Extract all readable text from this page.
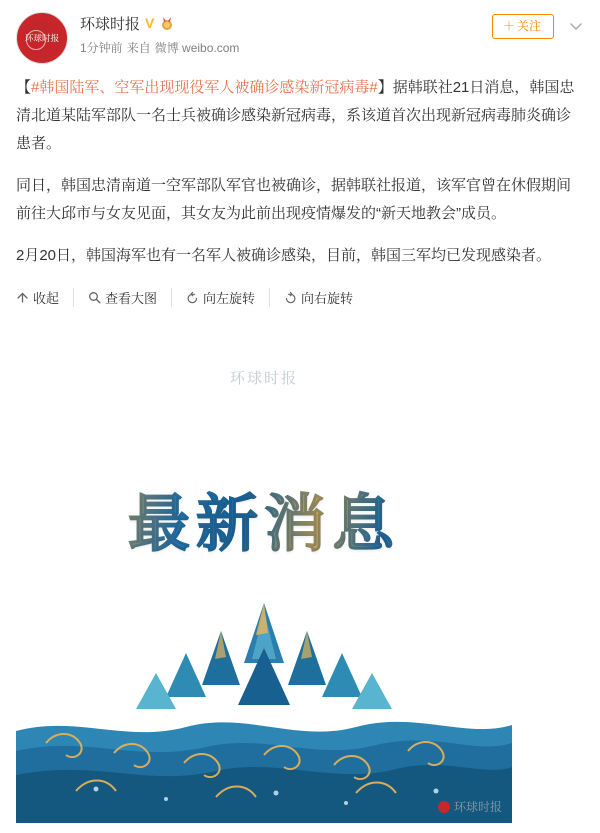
环球时报
环球时报 V
1分钟前 来自 微博 weibo.com
＋ 关注

【#韩国陆军、空军出现现役军人被确诊感染新冠病毒#】据韩联社21日消息，韩国忠清北道某陆军部队一名士兵被确诊感染新冠病毒，系该道首次出现新冠病毒肺炎确诊患者。

同日，韩国忠清南道一空军部队军官也被确诊，据韩联社报道，该军官曾在休假期间前往大邱市与女友见面，其女友为此前出现疫情爆发的“新天地教会”成员。

2月20日，韩国海军也有一名军人被确诊感染，目前，韩国三军均已发现感染者。

收起	查看大图	向左旋转	向右旋转
环球时报
最新消息
环球时报
